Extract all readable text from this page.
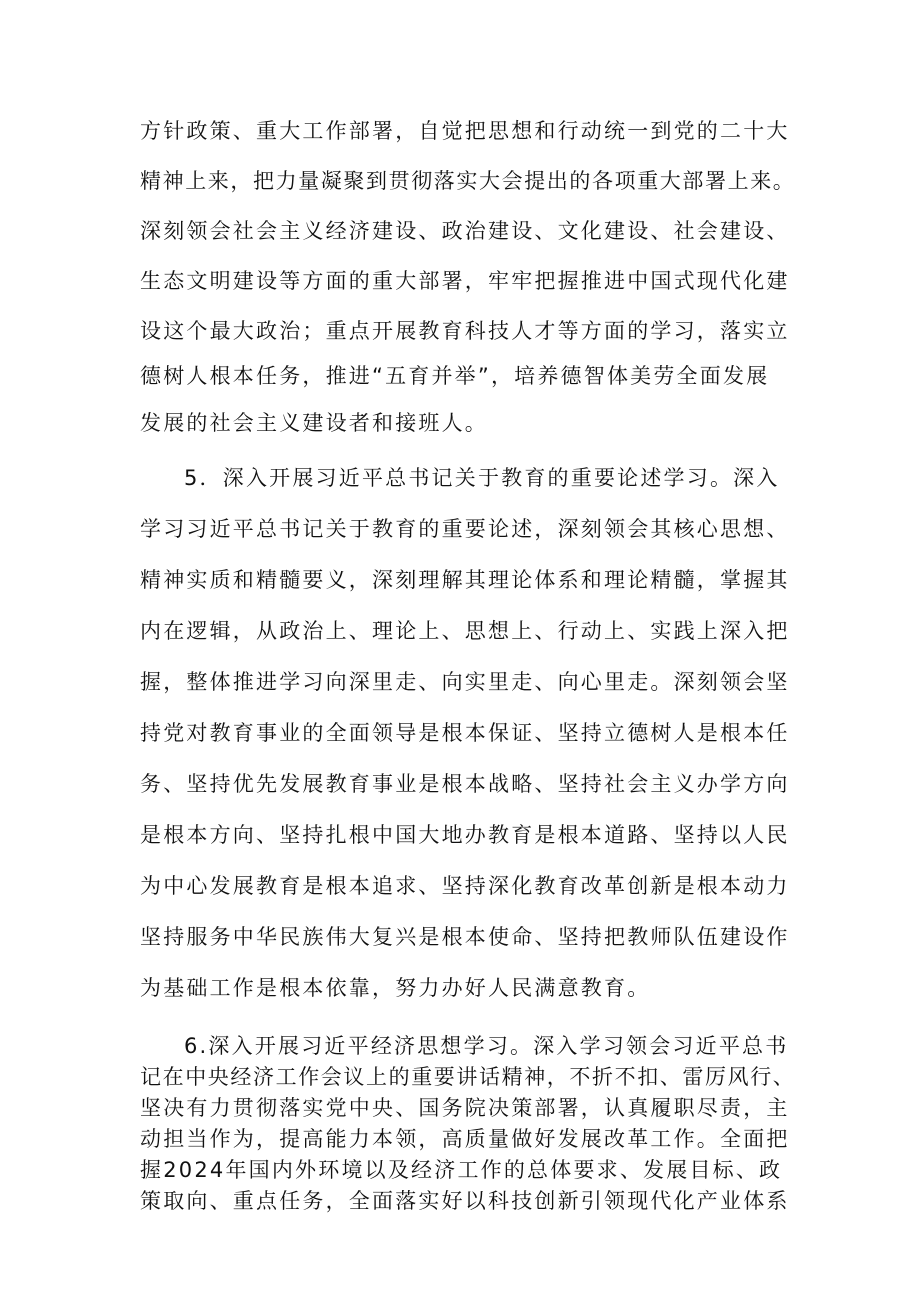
方针政策、重大工作部署，自觉把思想和行动统一到党的二十大
精神上来，把力量凝聚到贯彻落实大会提出的各项重大部署上来。
深刻领会社会主义经济建设、政治建设、文化建设、社会建设、
生态文明建设等方面的重大部署，牢牢把握推进中国式现代化建
设这个最大政治；重点开展教育科技人才等方面的学习，落实立
德树人根本任务，推进“五育并举”，培养德智体美劳全面发展
发展的社会主义建设者和接班人。
5．深入开展习近平总书记关于教育的重要论述学习。深入
学习习近平总书记关于教育的重要论述，深刻领会其核心思想、
精神实质和精髓要义，深刻理解其理论体系和理论精髓，掌握其
内在逻辑，从政治上、理论上、思想上、行动上、实践上深入把
握，整体推进学习向深里走、向实里走、向心里走。深刻领会坚
持党对教育事业的全面领导是根本保证、坚持立德树人是根本任
务、坚持优先发展教育事业是根本战略、坚持社会主义办学方向
是根本方向、坚持扎根中国大地办教育是根本道路、坚持以人民
为中心发展教育是根本追求、坚持深化教育改革创新是根本动力
坚持服务中华民族伟大复兴是根本使命、坚持把教师队伍建设作
为基础工作是根本依靠，努力办好人民满意教育。
6.深入开展习近平经济思想学习。深入学习领会习近平总书
记在中央经济工作会议上的重要讲话精神，不折不扣、雷厉风行、
坚决有力贯彻落实党中央、国务院决策部署，认真履职尽责，主
动担当作为，提高能力本领，高质量做好发展改革工作。全面把
握2024年国内外环境以及经济工作的总体要求、发展目标、政
策取向、重点任务，全面落实好以科技创新引领现代化产业体系
